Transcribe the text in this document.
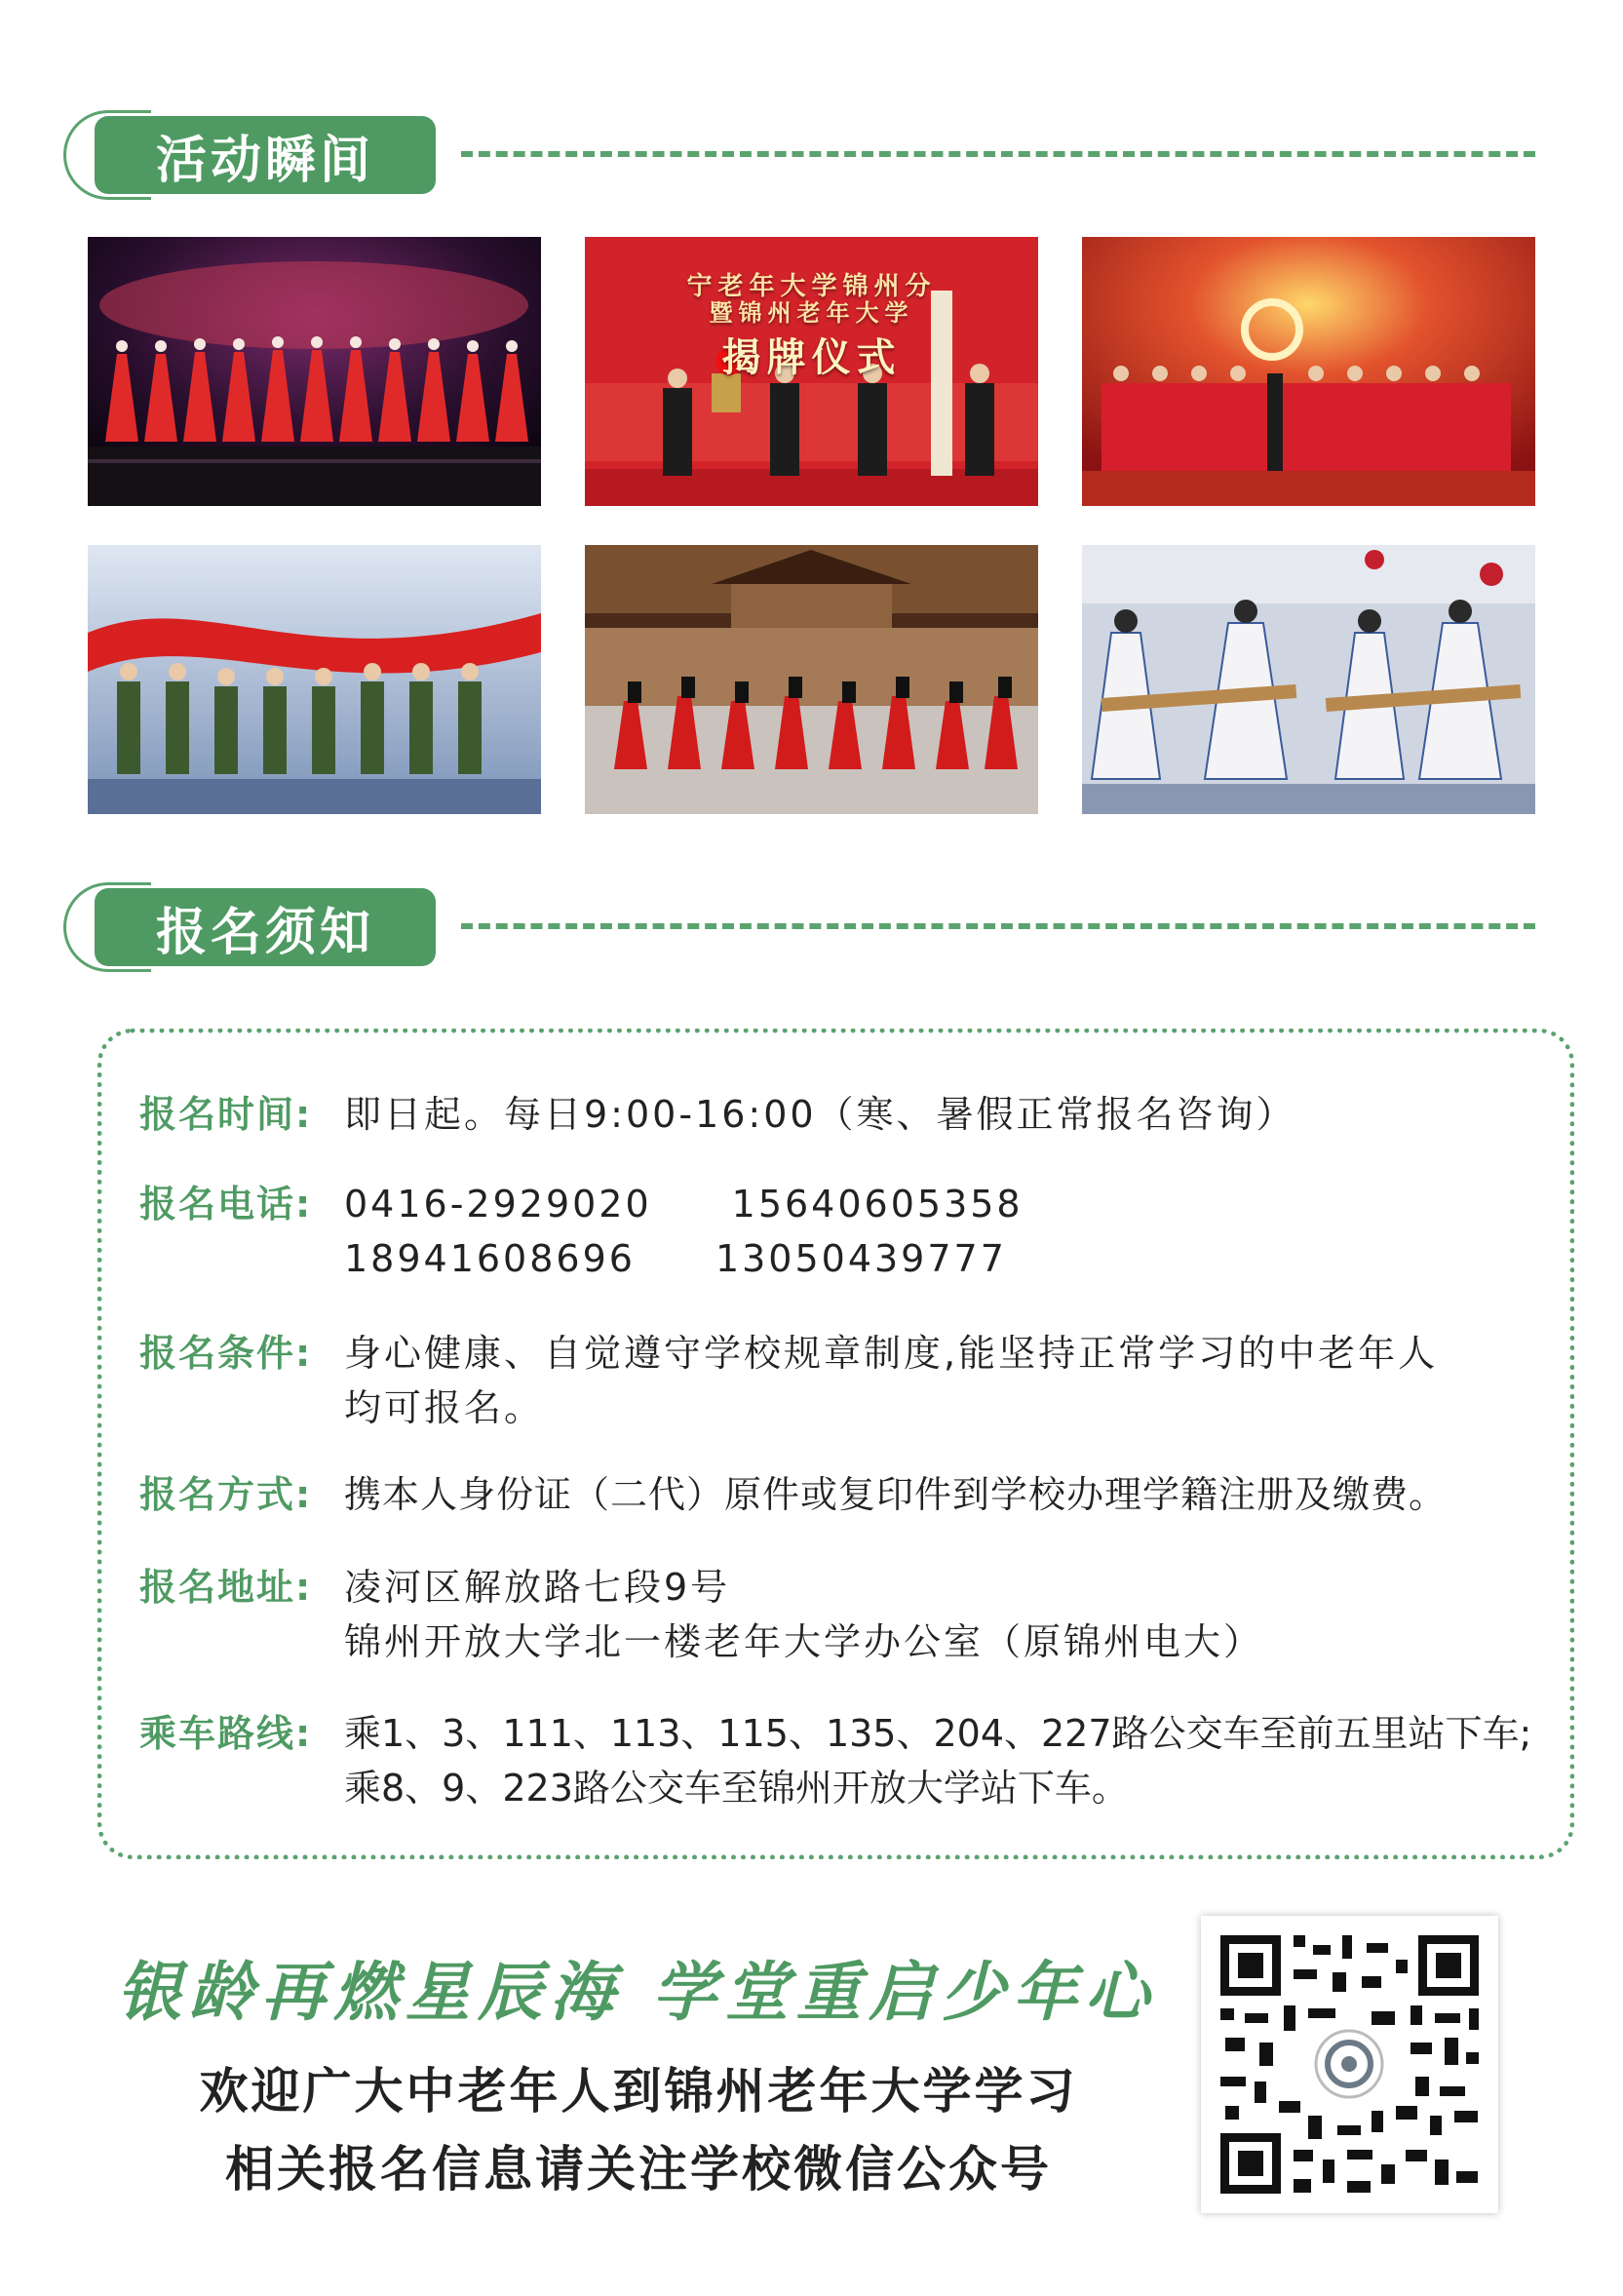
活动瞬间
宁老年大学锦州分
暨锦州老年大学
揭牌仪式
报名须知
报名时间: 即日起。每日9:00-16:00（寒、暑假正常报名咨询）
报名电话: 0416-2929020　　15640605358
18941608696　　13050439777
报名条件: 身心健康、自觉遵守学校规章制度,能坚持正常学习的中老年人
均可报名。
报名方式: 携本人身份证（二代）原件或复印件到学校办理学籍注册及缴费。
报名地址: 凌河区解放路七段9号
锦州开放大学北一楼老年大学办公室（原锦州电大）
乘车路线: 乘1、3、111、113、115、135、204、227路公交车至前五里站下车;
乘8、9、223路公交车至锦州开放大学站下车。
银龄再燃星辰海 学堂重启少年心
欢迎广大中老年人到锦州老年大学学习
相关报名信息请关注学校微信公众号
